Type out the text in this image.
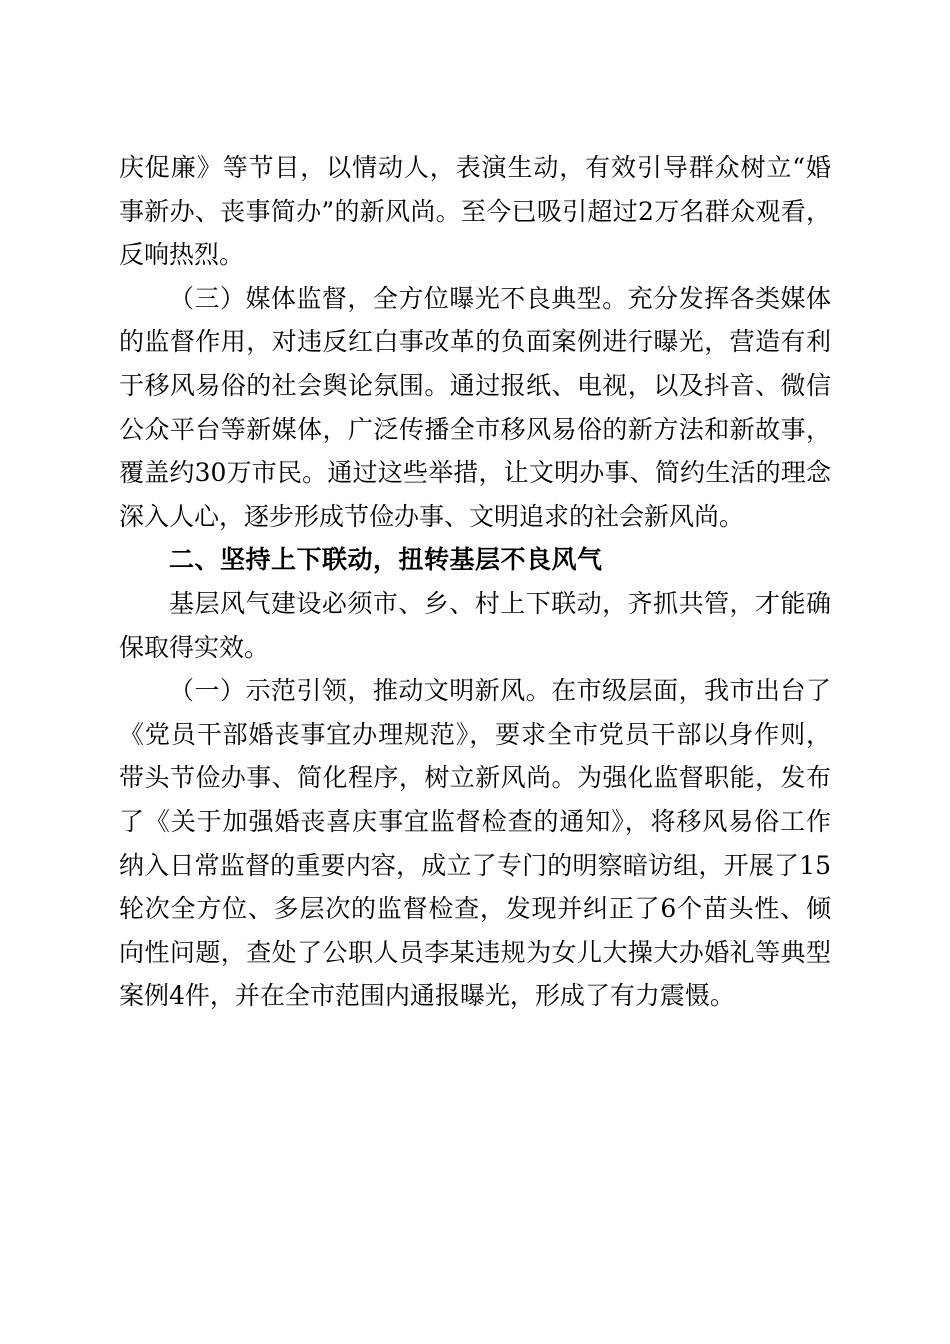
庆促廉》等节目，以情动人，表演生动，有效引导群众树立“婚事新办、丧事简办”的新风尚。至今已吸引超过2万名群众观看，反响热烈。

（三）媒体监督，全方位曝光不良典型。充分发挥各类媒体的监督作用，对违反红白事改革的负面案例进行曝光，营造有利于移风易俗的社会舆论氛围。通过报纸、电视，以及抖音、微信公众平台等新媒体，广泛传播全市移风易俗的新方法和新故事，覆盖约30万市民。通过这些举措，让文明办事、简约生活的理念深入人心，逐步形成节俭办事、文明追求的社会新风尚。

二、坚持上下联动，扭转基层不良风气

基层风气建设必须市、乡、村上下联动，齐抓共管，才能确保取得实效。

（一）示范引领，推动文明新风。在市级层面，我市出台了《党员干部婚丧事宜办理规范》，要求全市党员干部以身作则，带头节俭办事、简化程序，树立新风尚。为强化监督职能，发布了《关于加强婚丧喜庆事宜监督检查的通知》，将移风易俗工作纳入日常监督的重要内容，成立了专门的明察暗访组，开展了15轮次全方位、多层次的监督检查，发现并纠正了6个苗头性、倾向性问题，查处了公职人员李某违规为女儿大操大办婚礼等典型案例4件，并在全市范围内通报曝光，形成了有力震慑。
